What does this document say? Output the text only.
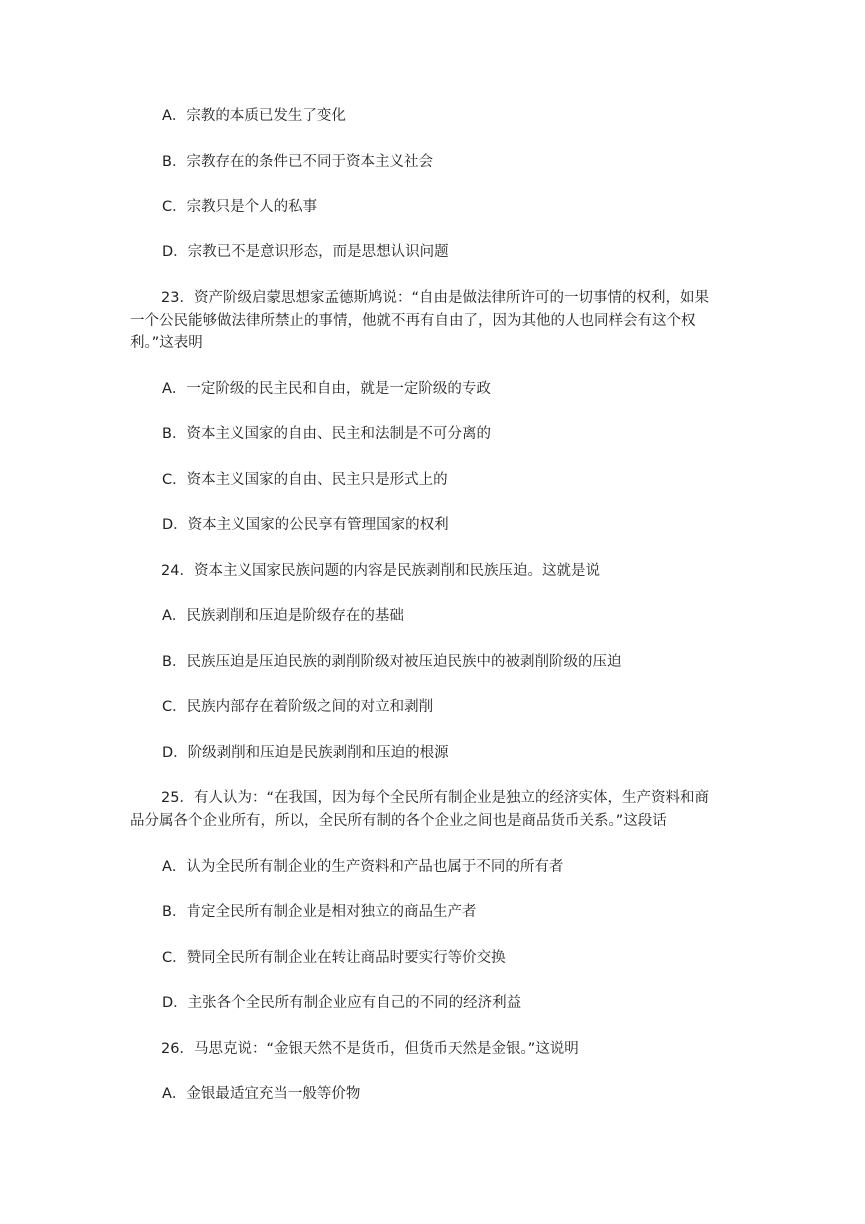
A．宗教的本质已发生了变化
B．宗教存在的条件已不同于资本主义社会
C．宗教只是个人的私事
D．宗教已不是意识形态，而是思想认识问题
23．资产阶级启蒙思想家孟德斯鸠说：“自由是做法律所许可的一切事情的权利，如果
一个公民能够做法律所禁止的事情，他就不再有自由了，因为其他的人也同样会有这个权
利。”这表明
A．一定阶级的民主民和自由，就是一定阶级的专政
B．资本主义国家的自由、民主和法制是不可分离的
C．资本主义国家的自由、民主只是形式上的
D．资本主义国家的公民享有管理国家的权利
24．资本主义国家民族问题的内容是民族剥削和民族压迫。这就是说
A．民族剥削和压迫是阶级存在的基础
B．民族压迫是压迫民族的剥削阶级对被压迫民族中的被剥削阶级的压迫
C．民族内部存在着阶级之间的对立和剥削
D．阶级剥削和压迫是民族剥削和压迫的根源
25．有人认为：“在我国，因为每个全民所有制企业是独立的经济实体，生产资料和商
品分属各个企业所有，所以，全民所有制的各个企业之间也是商品货币关系。”这段话
A．认为全民所有制企业的生产资料和产品也属于不同的所有者
B．肯定全民所有制企业是相对独立的商品生产者
C．赞同全民所有制企业在转让商品时要实行等价交换
D．主张各个全民所有制企业应有自己的不同的经济利益
26．马思克说：“金银天然不是货币，但货币天然是金银。”这说明
A．金银最适宜充当一般等价物
